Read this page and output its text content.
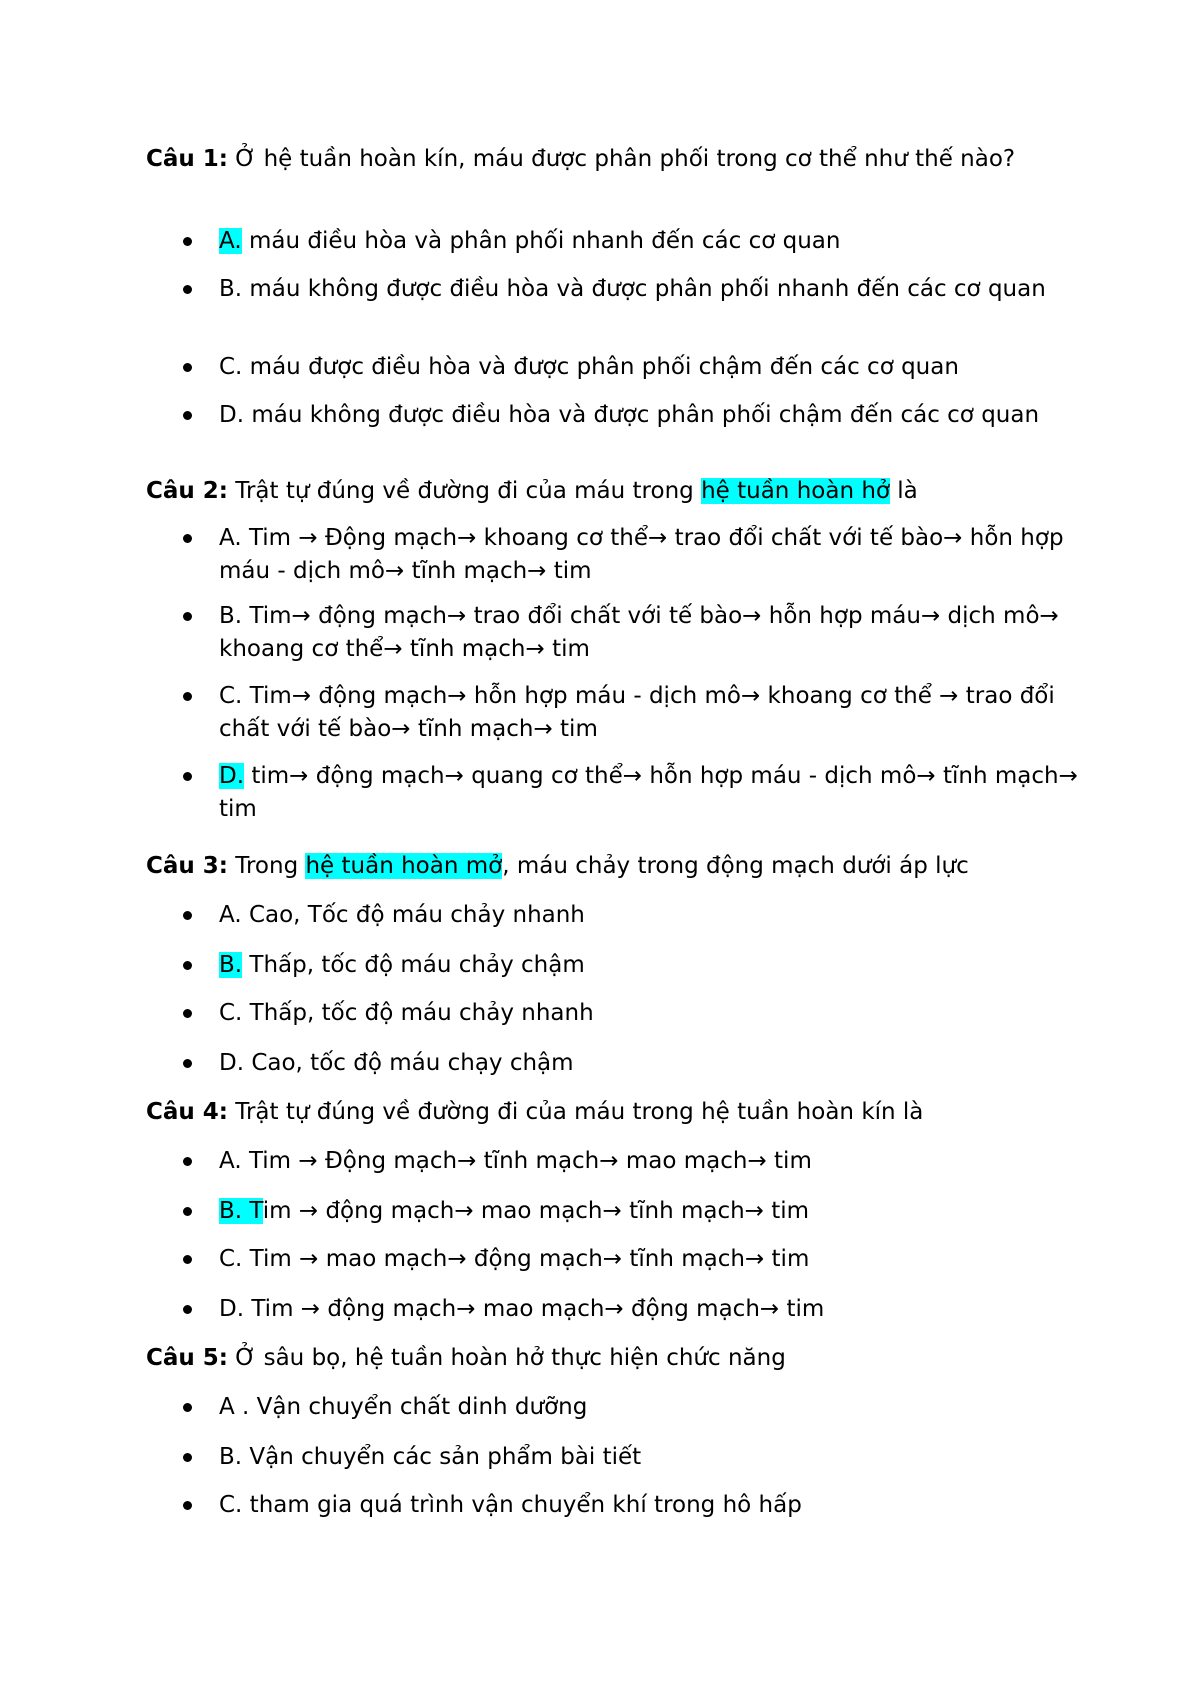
Câu 1: Ở hệ tuần hoàn kín, máu được phân phối trong cơ thể như thế nào?
A. máu điều hòa và phân phối nhanh đến các cơ quan
B. máu không được điều hòa và được phân phối nhanh đến các cơ quan
C. máu được điều hòa và được phân phối chậm đến các cơ quan
D. máu không được điều hòa và được phân phối chậm đến các cơ quan
Câu 2: Trật tự đúng về đường đi của máu trong hệ tuần hoàn hở là
A. Tim → Động mạch→ khoang cơ thể→ trao đổi chất với tế bào→ hỗn hợp máu - dịch mô→ tĩnh mạch→ tim
B. Tim→ động mạch→ trao đổi chất với tế bào→ hỗn hợp máu→ dịch mô→ khoang cơ thể→ tĩnh mạch→ tim
C. Tim→ động mạch→ hỗn hợp máu - dịch mô→ khoang cơ thể → trao đổi chất với tế bào→ tĩnh mạch→ tim
D. tim→ động mạch→ quang cơ thể→ hỗn hợp máu - dịch mô→ tĩnh mạch→ tim
Câu 3: Trong hệ tuần hoàn mở, máu chảy trong động mạch dưới áp lực
A. Cao, Tốc độ máu chảy nhanh
B. Thấp, tốc độ máu chảy chậm
C. Thấp, tốc độ máu chảy nhanh
D. Cao, tốc độ máu chạy chậm
Câu 4: Trật tự đúng về đường đi của máu trong hệ tuần hoàn kín là
A. Tim → Động mạch→ tĩnh mạch→ mao mạch→ tim
B. Tim → động mạch→ mao mạch→ tĩnh mạch→ tim
C. Tim → mao mạch→ động mạch→ tĩnh mạch→ tim
D. Tim → động mạch→ mao mạch→ động mạch→ tim
Câu 5: Ở sâu bọ, hệ tuần hoàn hở thực hiện chức năng
A . Vận chuyển chất dinh dưỡng
B. Vận chuyển các sản phẩm bài tiết
C. tham gia quá trình vận chuyển khí trong hô hấp
